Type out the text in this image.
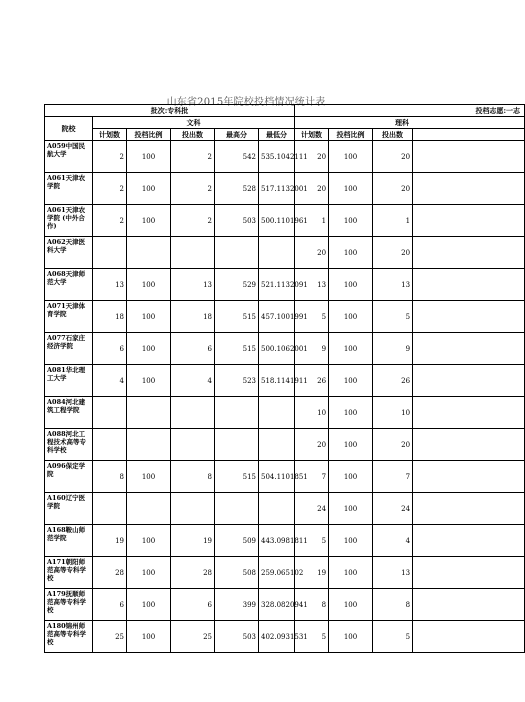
山东省2015年院校投档情况统计表
批次:专科批						投档志愿:一志			
院校	文科					理科			
	计划数	投档比例	投出数	最高分	最低分	计划数	投档比例	投出数	
A059中国民航大学	2	100	2	542	535.1042111	20	100	20	
A061天津农学院	2	100	2	528	517.1132001	20	100	20	
A061天津农学院 (中外合作)	2	100	2	503	500.1101961	1	100	1	
A062天津医科大学						20	100	20	
A068天津师范大学	13	100	13	529	521.1132091	13	100	13	
A071天津体育学院	18	100	18	515	457.1001991	5	100	5	
A077石家庄经济学院	6	100	6	515	500.1062001	9	100	9	
A081华北理工大学	4	100	4	523	518.1141911	26	100	26	
A084河北建筑工程学院						10	100	10	
A088河北工程技术高等专科学校						20	100	20	
A096保定学院	8	100	8	515	504.1101851	7	100	7	
A160辽宁医学院						24	100	24	
A168鞍山师范学院	19	100	19	509	443.0981811	5	100	4	
A171朝阳师范高等专科学校	28	100	28	508	259.065102	19	100	13	
A179抚顺师范高等专科学校	6	100	6	399	328.0820941	8	100	8	
A180锦州师范高等专科学校	25	100	25	503	402.0931531	5	100	5	
